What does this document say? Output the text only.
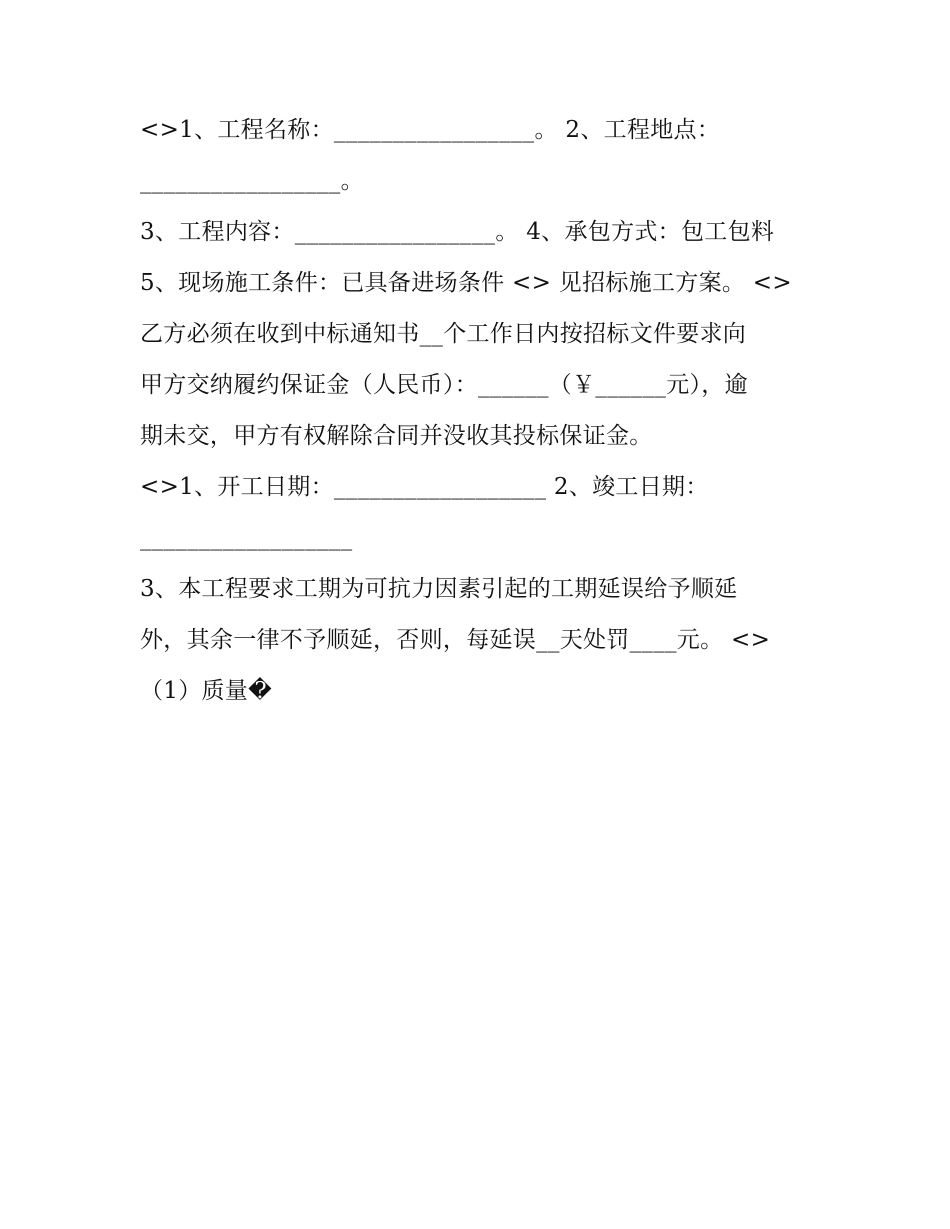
<>1、工程名称：_________________。 2、工程地点：
_________________。
3、工程内容：_________________。 4、承包方式：包工包料
5、现场施工条件：已具备进场条件 <> 见招标施工方案。 <>
乙方必须在收到中标通知书__个工作日内按招标文件要求向
甲方交纳履约保证金（人民币）：______（￥______元），逾
期未交，甲方有权解除合同并没收其投标保证金。
<>1、开工日期：__________________ 2、竣工日期：
__________________
3、本工程要求工期为可抗力因素引起的工期延误给予顺延
外，其余一律不予顺延，否则，每延误__天处罚____元。 <>
（1）质量�
